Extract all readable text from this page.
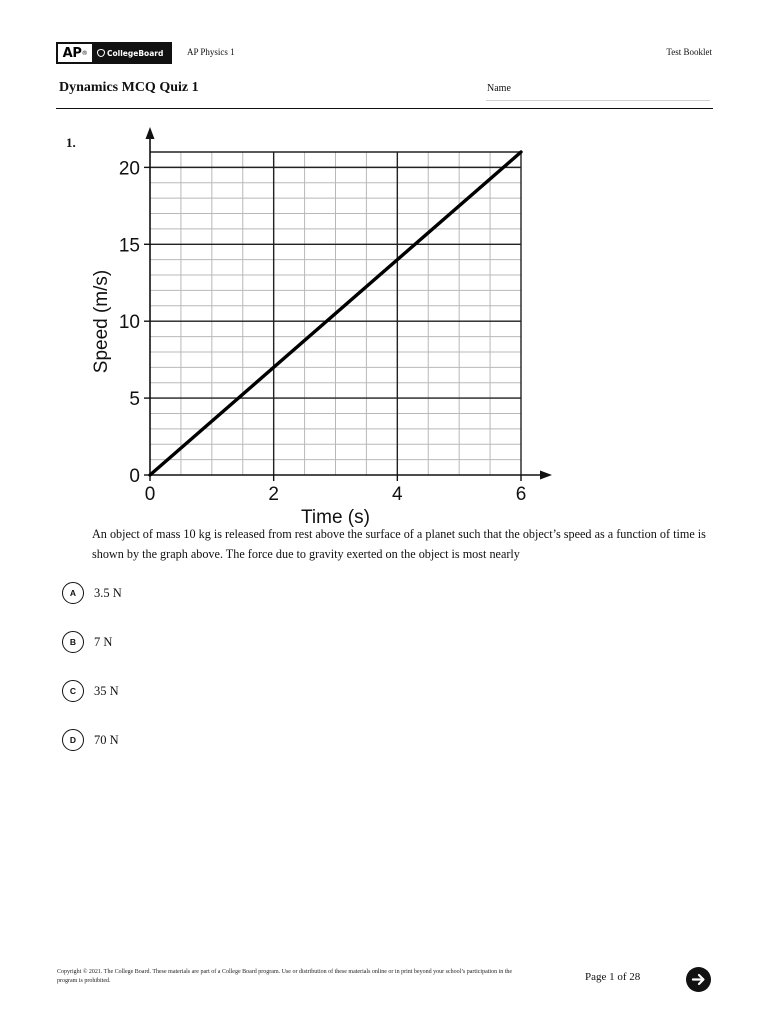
AP ®	CollegeBoard	AP Physics 1	Test Booklet
Dynamics MCQ Quiz 1	Name
1.
0	2	4	6
0
5
10
15
20
Time (s)
Speed (m/s)
An object of mass 10 kg is released from rest above the surface of a planet such that the object’s speed as a function of time is shown by the graph above. The force due to gravity exerted on the object is most nearly
A	3.5 N
B	7 N
C	35 N
D	70 N
Copyright © 2021. The College Board. These materials are part of a College Board program. Use or distribution of these materials online or in print beyond your school’s participation in the program is prohibited.	Page 1 of 28
